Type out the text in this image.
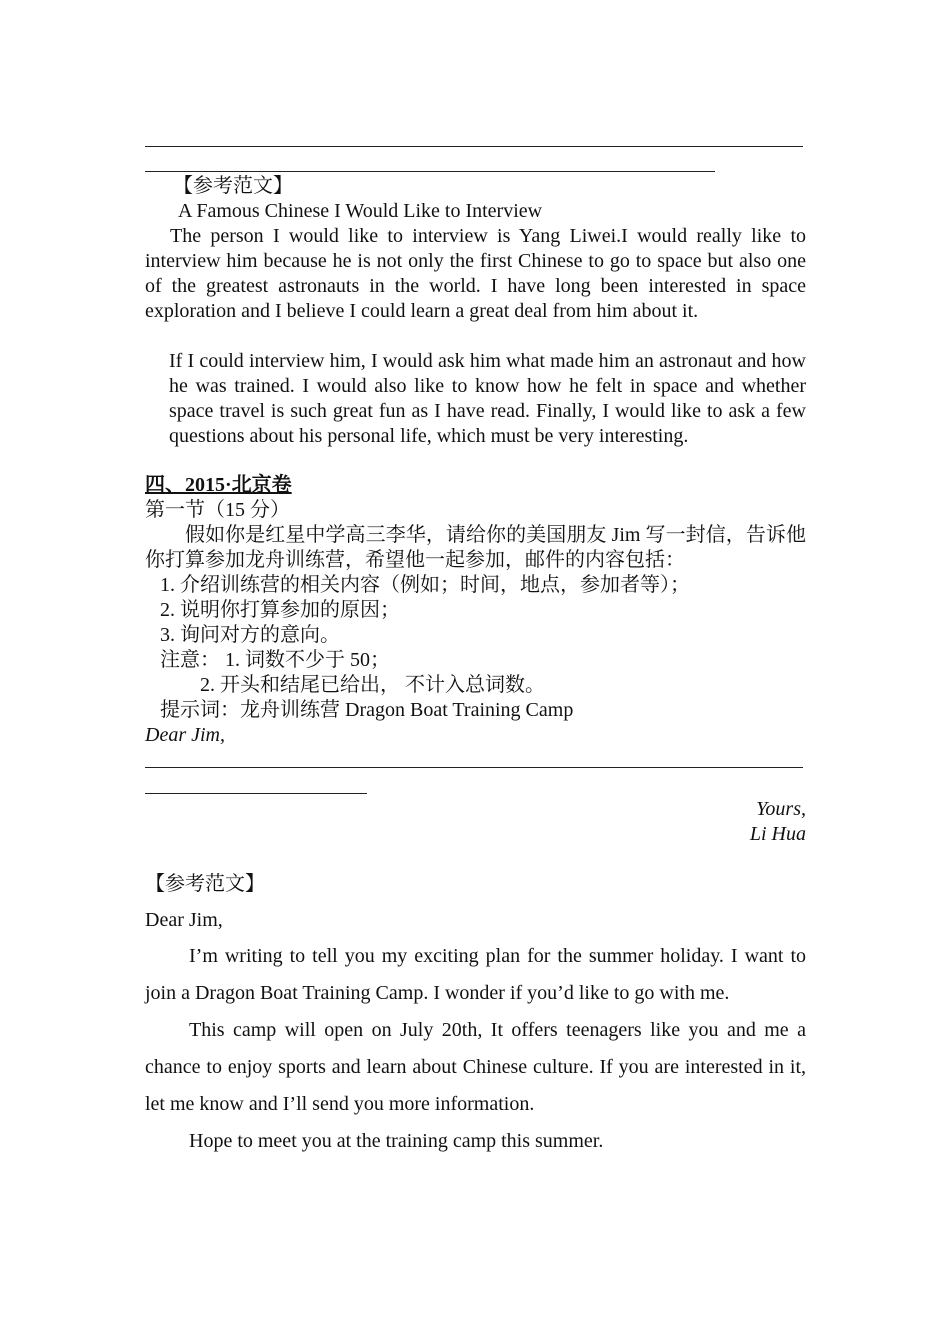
【参考范文】
A Famous Chinese I Would Like to Interview
The person I would like to interview is Yang Liwei.I would really like to interview him because he is not only the first Chinese to go to space but also one of the greatest astronauts in the world. I have long been interested in space exploration and I believe I could learn a great deal from him about it.
If I could interview him, I would ask him what made him an astronaut and how he was trained. I would also like to know how he felt in space and whether space travel is such great fun as I have read. Finally, I would like to ask a few questions about his personal life, which must be very interesting.
四、2015·北京卷
第一节（15 分）
假如你是红星中学高三李华，请给你的美国朋友 Jim 写一封信，告诉他你打算参加龙舟训练营，希望他一起参加，邮件的内容包括：
1. 介绍训练营的相关内容（例如；时间，地点，参加者等）；
2. 说明你打算参加的原因；
3. 询问对方的意向。
注意： 1. 词数不少于 50；
2. 开头和结尾已给出， 不计入总词数。
提示词：龙舟训练营 Dragon Boat Training Camp
Dear Jim,
Yours,
Li Hua
【参考范文】
Dear Jim,

I’m writing to tell you my exciting plan for the summer holiday. I want to join a Dragon Boat Training Camp. I wonder if you’d like to go with me.

This camp will open on July 20th, It offers teenagers like you and me a chance to enjoy sports and learn about Chinese culture. If you are interested in it, let me know and I’ll send you more information.

Hope to meet you at the training camp this summer.
